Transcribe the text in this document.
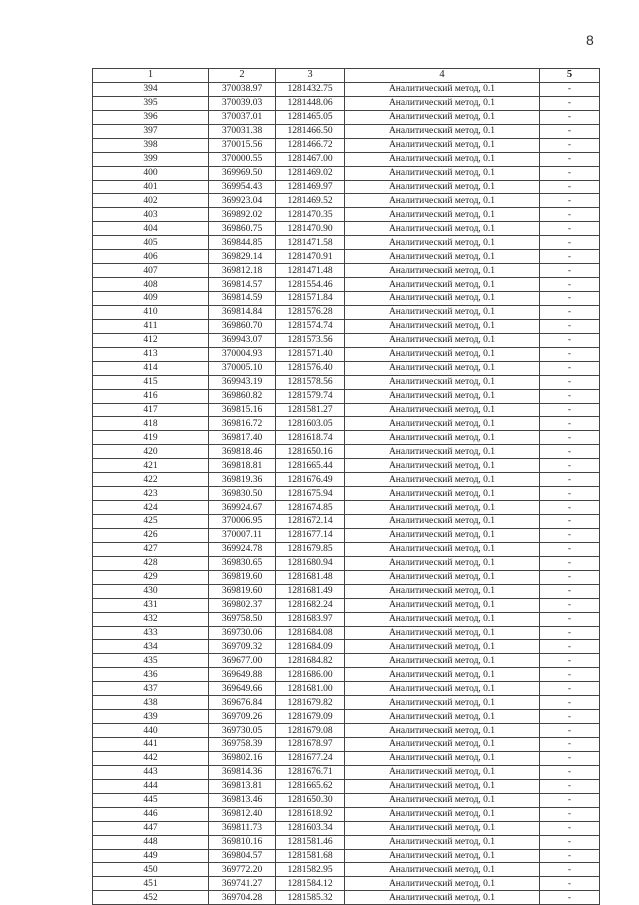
8
1	2	3	4	5
394	370038.97	1281432.75	Аналитический метод, 0.1	-
395	370039.03	1281448.06	Аналитический метод, 0.1	-
396	370037.01	1281465.05	Аналитический метод, 0.1	-
397	370031.38	1281466.50	Аналитический метод, 0.1	-
398	370015.56	1281466.72	Аналитический метод, 0.1	-
399	370000.55	1281467.00	Аналитический метод, 0.1	-
400	369969.50	1281469.02	Аналитический метод, 0.1	-
401	369954.43	1281469.97	Аналитический метод, 0.1	-
402	369923.04	1281469.52	Аналитический метод, 0.1	-
403	369892.02	1281470.35	Аналитический метод, 0.1	-
404	369860.75	1281470.90	Аналитический метод, 0.1	-
405	369844.85	1281471.58	Аналитический метод, 0.1	-
406	369829.14	1281470.91	Аналитический метод, 0.1	-
407	369812.18	1281471.48	Аналитический метод, 0.1	-
408	369814.57	1281554.46	Аналитический метод, 0.1	-
409	369814.59	1281571.84	Аналитический метод, 0.1	-
410	369814.84	1281576.28	Аналитический метод, 0.1	-
411	369860.70	1281574.74	Аналитический метод, 0.1	-
412	369943.07	1281573.56	Аналитический метод, 0.1	-
413	370004.93	1281571.40	Аналитический метод, 0.1	-
414	370005.10	1281576.40	Аналитический метод, 0.1	-
415	369943.19	1281578.56	Аналитический метод, 0.1	-
416	369860.82	1281579.74	Аналитический метод, 0.1	-
417	369815.16	1281581.27	Аналитический метод, 0.1	-
418	369816.72	1281603.05	Аналитический метод, 0.1	-
419	369817.40	1281618.74	Аналитический метод, 0.1	-
420	369818.46	1281650.16	Аналитический метод, 0.1	-
421	369818.81	1281665.44	Аналитический метод, 0.1	-
422	369819.36	1281676.49	Аналитический метод, 0.1	-
423	369830.50	1281675.94	Аналитический метод, 0.1	-
424	369924.67	1281674.85	Аналитический метод, 0.1	-
425	370006.95	1281672.14	Аналитический метод, 0.1	-
426	370007.11	1281677.14	Аналитический метод, 0.1	-
427	369924.78	1281679.85	Аналитический метод, 0.1	-
428	369830.65	1281680.94	Аналитический метод, 0.1	-
429	369819.60	1281681.48	Аналитический метод, 0.1	-
430	369819.60	1281681.49	Аналитический метод, 0.1	-
431	369802.37	1281682.24	Аналитический метод, 0.1	-
432	369758.50	1281683.97	Аналитический метод, 0.1	-
433	369730.06	1281684.08	Аналитический метод, 0.1	-
434	369709.32	1281684.09	Аналитический метод, 0.1	-
435	369677.00	1281684.82	Аналитический метод, 0.1	-
436	369649.88	1281686.00	Аналитический метод, 0.1	-
437	369649.66	1281681.00	Аналитический метод, 0.1	-
438	369676.84	1281679.82	Аналитический метод, 0.1	-
439	369709.26	1281679.09	Аналитический метод, 0.1	-
440	369730.05	1281679.08	Аналитический метод, 0.1	-
441	369758.39	1281678.97	Аналитический метод, 0.1	-
442	369802.16	1281677.24	Аналитический метод, 0.1	-
443	369814.36	1281676.71	Аналитический метод, 0.1	-
444	369813.81	1281665.62	Аналитический метод, 0.1	-
445	369813.46	1281650.30	Аналитический метод, 0.1	-
446	369812.40	1281618.92	Аналитический метод, 0.1	-
447	369811.73	1281603.34	Аналитический метод, 0.1	-
448	369810.16	1281581.46	Аналитический метод, 0.1	-
449	369804.57	1281581.68	Аналитический метод, 0.1	-
450	369772.20	1281582.95	Аналитический метод, 0.1	-
451	369741.27	1281584.12	Аналитический метод, 0.1	-
452	369704.28	1281585.32	Аналитический метод, 0.1	-
